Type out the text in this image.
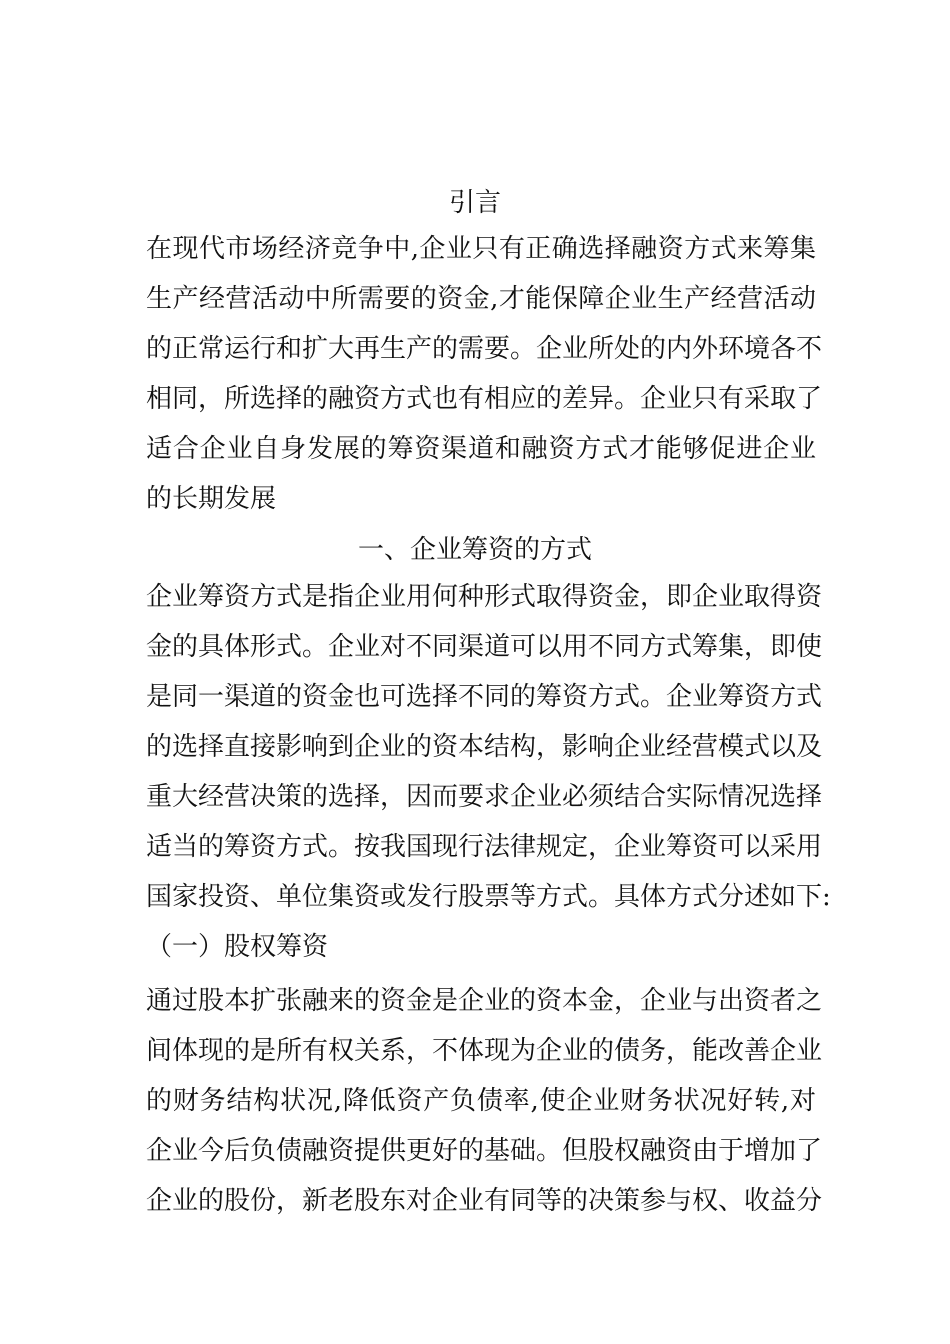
引言
在现代市场经济竞争中,企业只有正确选择融资方式来筹集
生产经营活动中所需要的资金,才能保障企业生产经营活动
的正常运行和扩大再生产的需要。企业所处的内外环境各不
相同，所选择的融资方式也有相应的差异。企业只有采取了
适合企业自身发展的筹资渠道和融资方式才能够促进企业
的长期发展
一、企业筹资的方式
企业筹资方式是指企业用何种形式取得资金，即企业取得资
金的具体形式。企业对不同渠道可以用不同方式筹集，即使
是同一渠道的资金也可选择不同的筹资方式。企业筹资方式
的选择直接影响到企业的资本结构，影响企业经营模式以及
重大经营决策的选择，因而要求企业必须结合实际情况选择
适当的筹资方式。按我国现行法律规定，企业筹资可以采用
国家投资、单位集资或发行股票等方式。具体方式分述如下:
（一）股权筹资
通过股本扩张融来的资金是企业的资本金，企业与出资者之
间体现的是所有权关系，不体现为企业的债务，能改善企业
的财务结构状况,降低资产负债率,使企业财务状况好转,对
企业今后负债融资提供更好的基础。但股权融资由于增加了
企业的股份，新老股东对企业有同等的决策参与权、收益分
